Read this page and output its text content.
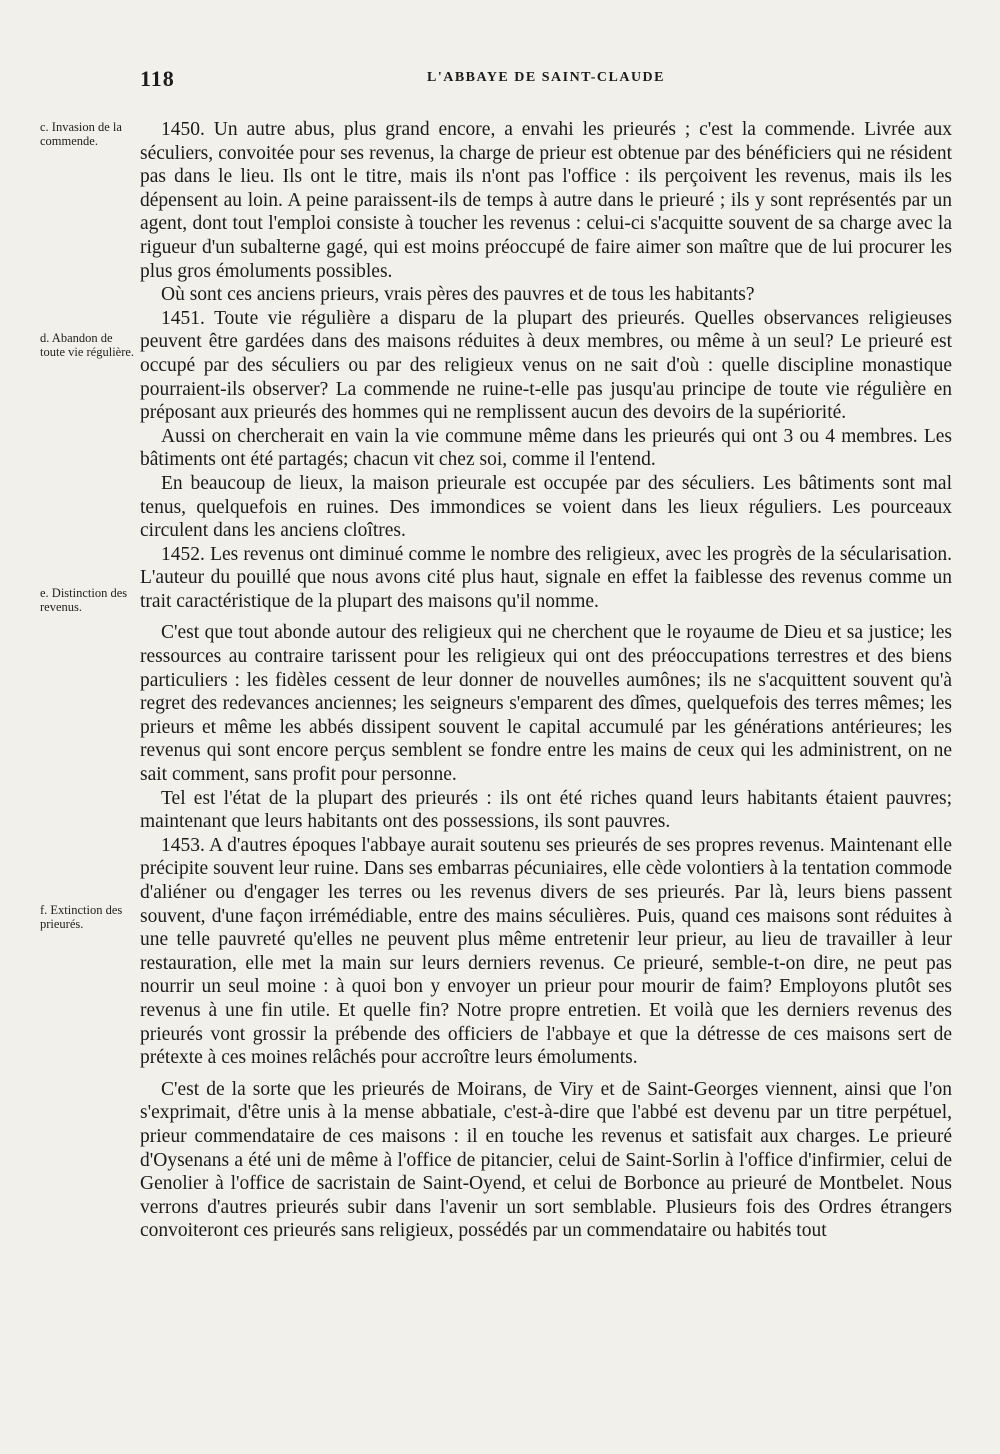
118	L'ABBAYE DE SAINT-CLAUDE
c. Invasion de la commende.
d. Abandon de toute vie régulière.
e. Distinction des revenus.
f. Extinction des prieurés.

1450. Un autre abus, plus grand encore, a envahi les prieurés ; c'est la commende. Livrée aux séculiers, convoitée pour ses revenus, la charge de prieur est obtenue par des bénéficiers qui ne résident pas dans le lieu. Ils ont le titre, mais ils n'ont pas l'office : ils perçoivent les revenus, mais ils les dépensent au loin. A peine paraissent-ils de temps à autre dans le prieuré ; ils y sont représentés par un agent, dont tout l'emploi consiste à toucher les revenus : celui-ci s'acquitte souvent de sa charge avec la rigueur d'un subalterne gagé, qui est moins préoccupé de faire aimer son maître que de lui procurer les plus gros émoluments possibles.

Où sont ces anciens prieurs, vrais pères des pauvres et de tous les habitants?

1451. Toute vie régulière a disparu de la plupart des prieurés. Quelles observances religieuses peuvent être gardées dans des maisons réduites à deux membres, ou même à un seul? Le prieuré est occupé par des séculiers ou par des religieux venus on ne sait d'où : quelle discipline monastique pourraient-ils observer? La commende ne ruine-t-elle pas jusqu'au principe de toute vie régulière en préposant aux prieurés des hommes qui ne remplissent aucun des devoirs de la supériorité.

Aussi on chercherait en vain la vie commune même dans les prieurés qui ont 3 ou 4 membres. Les bâtiments ont été partagés; chacun vit chez soi, comme il l'entend.

En beaucoup de lieux, la maison prieurale est occupée par des séculiers. Les bâtiments sont mal tenus, quelquefois en ruines. Des immondices se voient dans les lieux réguliers. Les pourceaux circulent dans les anciens cloîtres.

1452. Les revenus ont diminué comme le nombre des religieux, avec les progrès de la sécularisation. L'auteur du pouillé que nous avons cité plus haut, signale en effet la faiblesse des revenus comme un trait caractéristique de la plupart des maisons qu'il nomme.

C'est que tout abonde autour des religieux qui ne cherchent que le royaume de Dieu et sa justice; les ressources au contraire tarissent pour les religieux qui ont des préoccupations terrestres et des biens particuliers : les fidèles cessent de leur donner de nouvelles aumônes; ils ne s'acquittent souvent qu'à regret des redevances anciennes; les seigneurs s'emparent des dîmes, quelquefois des terres mêmes; les prieurs et même les abbés dissipent souvent le capital accumulé par les générations antérieures; les revenus qui sont encore perçus semblent se fondre entre les mains de ceux qui les administrent, on ne sait comment, sans profit pour personne.

Tel est l'état de la plupart des prieurés : ils ont été riches quand leurs habitants étaient pauvres; maintenant que leurs habitants ont des possessions, ils sont pauvres.

1453. A d'autres époques l'abbaye aurait soutenu ses prieurés de ses propres revenus. Maintenant elle précipite souvent leur ruine. Dans ses embarras pécuniaires, elle cède volontiers à la tentation commode d'aliéner ou d'engager les terres ou les revenus divers de ses prieurés. Par là, leurs biens passent souvent, d'une façon irrémédiable, entre des mains séculières. Puis, quand ces maisons sont réduites à une telle pauvreté qu'elles ne peuvent plus même entretenir leur prieur, au lieu de travailler à leur restauration, elle met la main sur leurs derniers revenus. Ce prieuré, semble-t-on dire, ne peut pas nourrir un seul moine : à quoi bon y envoyer un prieur pour mourir de faim? Employons plutôt ses revenus à une fin utile. Et quelle fin? Notre propre entretien. Et voilà que les derniers revenus des prieurés vont grossir la prébende des officiers de l'abbaye et que la détresse de ces maisons sert de prétexte à ces moines relâchés pour accroître leurs émoluments.

C'est de la sorte que les prieurés de Moirans, de Viry et de Saint-Georges viennent, ainsi que l'on s'exprimait, d'être unis à la mense abbatiale, c'est-à-dire que l'abbé est devenu par un titre perpétuel, prieur commendataire de ces maisons : il en touche les revenus et satisfait aux charges. Le prieuré d'Oysenans a été uni de même à l'office de pitancier, celui de Saint-Sorlin à l'office d'infirmier, celui de Genolier à l'office de sacristain de Saint-Oyend, et celui de Borbonce au prieuré de Montbelet. Nous verrons d'autres prieurés subir dans l'avenir un sort semblable. Plusieurs fois des Ordres étrangers convoiteront ces prieurés sans religieux, possédés par un commendataire ou habités tout
